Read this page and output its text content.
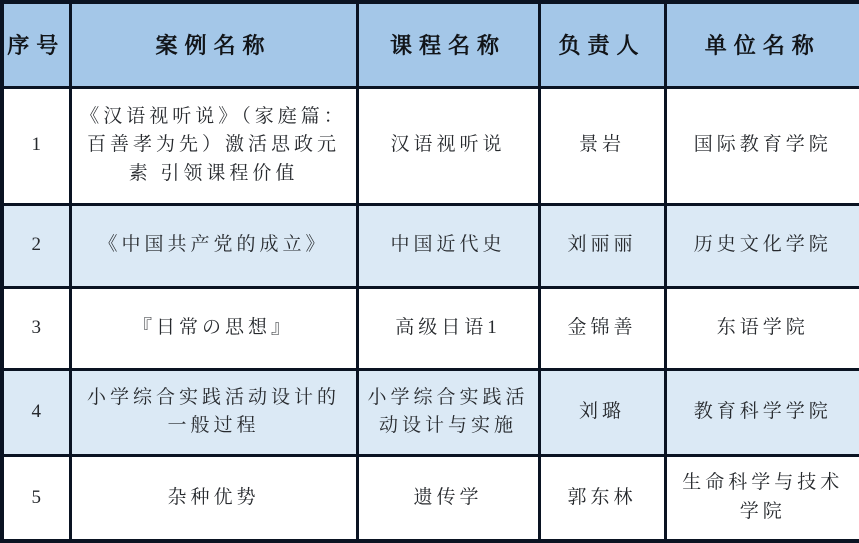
序号	案例名称	课程名称	负责人	单位名称
1	《汉语视听说》（家庭篇：百善孝为先）激活思政元素 引领课程价值	汉语视听说	景岩	国际教育学院
2	《中国共产党的成立》	中国近代史	刘丽丽	历史文化学院
3	『日常の思想』	高级日语1	金锦善	东语学院
4	小学综合实践活动设计的一般过程	小学综合实践活动设计与实施	刘璐	教育科学学院
5	杂种优势	遗传学	郭东林	生命科学与技术学院
